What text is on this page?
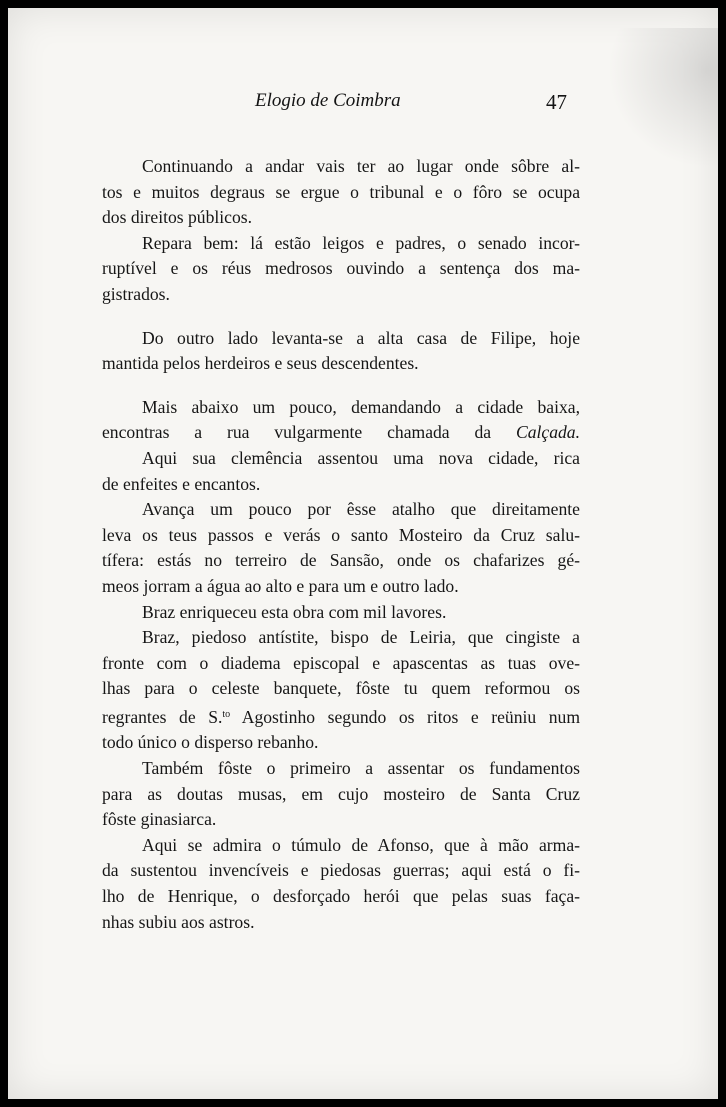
Elogio de Coimbra	47
Continuando a andar vais ter ao lugar onde sôbre al-
tos e muitos degraus se ergue o tribunal e o fôro se ocupa
dos direitos públicos.
Repara bem: lá estão leigos e padres, o senado incor-
ruptível e os réus medrosos ouvindo a sentença dos ma-
gistrados.
Do outro lado levanta-se a alta casa de Filipe, hoje
mantida pelos herdeiros e seus descendentes.
Mais abaixo um pouco, demandando a cidade baixa,
encontras a rua vulgarmente chamada da Calçada.
Aqui sua clemência assentou uma nova cidade, rica
de enfeites e encantos.
Avança um pouco por êsse atalho que direitamente
leva os teus passos e verás o santo Mosteiro da Cruz salu-
tífera: estás no terreiro de Sansão, onde os chafarizes gé-
meos jorram a água ao alto e para um e outro lado.
Braz enriqueceu esta obra com mil lavores.
Braz, piedoso antístite, bispo de Leiria, que cingiste a
fronte com o diadema episcopal e apascentas as tuas ove-
lhas para o celeste banquete, fôste tu quem reformou os
regrantes de S.$^{to}$ Agostinho segundo os ritos e reüniu num
todo único o disperso rebanho.
Também fôste o primeiro a assentar os fundamentos
para as doutas musas, em cujo mosteiro de Santa Cruz
fôste ginasiarca.
Aqui se admira o túmulo de Afonso, que à mão arma-
da sustentou invencíveis e piedosas guerras; aqui está o fi-
lho de Henrique, o desforçado herói que pelas suas faça-
nhas subiu aos astros.
